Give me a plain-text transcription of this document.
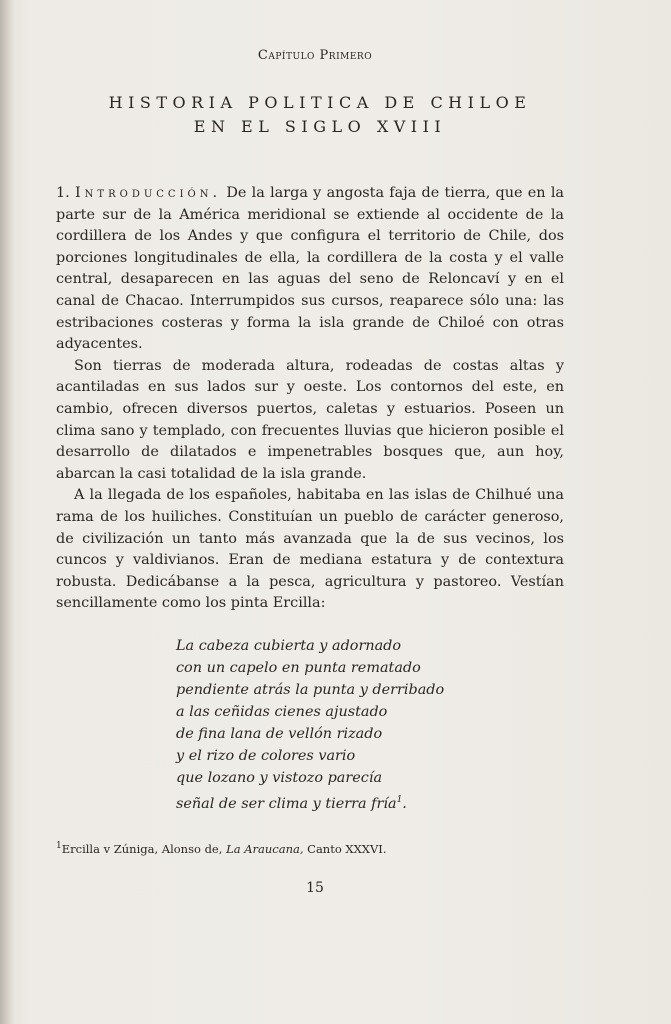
Capítulo Primero
HISTORIA POLITICA DE CHILOE
EN EL SIGLO XVIII

1. Introducción. De la larga y angosta faja de tierra, que en la parte sur de la América meridional se extiende al occidente de la cordillera de los Andes y que configura el territorio de Chile, dos porciones longitudinales de ella, la cordillera de la costa y el valle central, desaparecen en las aguas del seno de Reloncaví y en el canal de Chacao. Interrumpidos sus cursos, reaparece sólo una: las estribaciones costeras y forma la isla grande de Chiloé con otras adyacentes.

Son tierras de moderada altura, rodeadas de costas altas y acantiladas en sus lados sur y oeste. Los contornos del este, en cambio, ofrecen diversos puertos, caletas y estuarios. Poseen un clima sano y templado, con frecuentes lluvias que hicieron posible el desarrollo de dilatados e impenetrables bosques que, aun hoy, abarcan la casi totalidad de la isla grande.

A la llegada de los españoles, habitaba en las islas de Chilhué una rama de los huiliches. Constituían un pueblo de carácter generoso, de civilización un tanto más avanzada que la de sus vecinos, los cuncos y valdivianos. Eran de mediana estatura y de contextura robusta. Dedicábanse a la pesca, agricultura y pastoreo. Vestían sencillamente como los pinta Ercilla:

La cabeza cubierta y adornado
con un capelo en punta rematado
pendiente atrás la punta y derribado
a las ceñidas cienes ajustado
de fina lana de vellón rizado
y el rizo de colores vario
que lozano y vistozo parecía
señal de ser clima y tierra fría$^1$.
$^1$Ercilla v Zúniga, Alonso de, La Araucana, Canto XXXVI.
15
